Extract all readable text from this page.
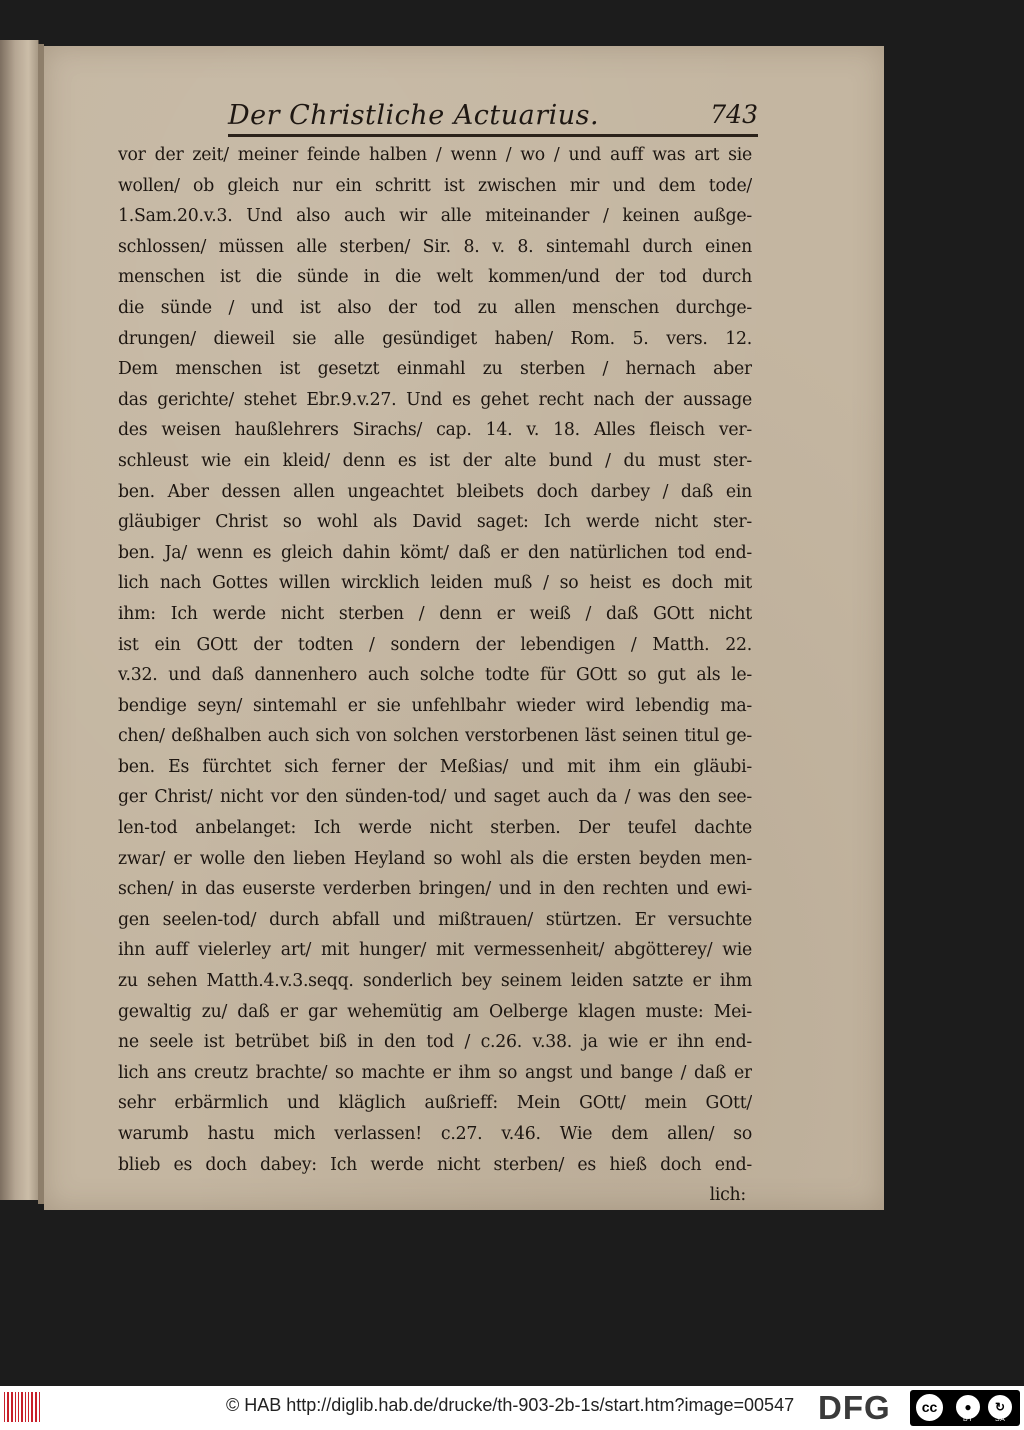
Der Christliche Actuarius.	743
vor der zeit/ meiner feinde halben / wenn / wo / und auff was art sie
wollen/ ob gleich nur ein schritt ist zwischen mir und dem tode/
1.Sam.20.v.3. Und also auch wir alle miteinander / keinen außge-
schlossen/ müssen alle sterben/ Sir. 8. v. 8. sintemahl durch einen
menschen ist die sünde in die welt kommen/und der tod durch
die sünde / und ist also der tod zu allen menschen durchge-
drungen/ dieweil sie alle gesündiget haben/ Rom. 5. vers. 12.
Dem menschen ist gesetzt einmahl zu sterben / hernach aber
das gerichte/ stehet Ebr.9.v.27. Und es gehet recht nach der aussage
des weisen haußlehrers Sirachs/ cap. 14. v. 18. Alles fleisch ver-
schleust wie ein kleid/ denn es ist der alte bund / du must ster-
ben. Aber dessen allen ungeachtet bleibets doch darbey / daß ein
gläubiger Christ so wohl als David saget: Ich werde nicht ster-
ben. Ja/ wenn es gleich dahin kömt/ daß er den natürlichen tod end-
lich nach Gottes willen wircklich leiden muß / so heist es doch mit
ihm: Ich werde nicht sterben / denn er weiß / daß GOtt nicht
ist ein GOtt der todten / sondern der lebendigen / Matth. 22.
v.32. und daß dannenhero auch solche todte für GOtt so gut als le-
bendige seyn/ sintemahl er sie unfehlbahr wieder wird lebendig ma-
chen/ deßhalben auch sich von solchen verstorbenen läst seinen titul ge-
ben. Es fürchtet sich ferner der Meßias/ und mit ihm ein gläubi-
ger Christ/ nicht vor den sünden-tod/ und saget auch da / was den see-
len-tod anbelanget: Ich werde nicht sterben. Der teufel dachte
zwar/ er wolle den lieben Heyland so wohl als die ersten beyden men-
schen/ in das euserste verderben bringen/ und in den rechten und ewi-
gen seelen-tod/ durch abfall und mißtrauen/ stürtzen. Er versuchte
ihn auff vielerley art/ mit hunger/ mit vermessenheit/ abgötterey/ wie
zu sehen Matth.4.v.3.seqq. sonderlich bey seinem leiden satzte er ihm
gewaltig zu/ daß er gar wehemütig am Oelberge klagen muste: Mei-
ne seele ist betrübet biß in den tod / c.26. v.38. ja wie er ihn end-
lich ans creutz brachte/ so machte er ihm so angst und bange / daß er
sehr erbärmlich und kläglich außrieff: Mein GOtt/ mein GOtt/
warumb hastu mich verlassen! c.27. v.46. Wie dem allen/ so
blieb es doch dabey: Ich werde nicht sterben/ es hieß doch end-
lich:
© HAB http://diglib.hab.de/drucke/th-903-2b-1s/start.htm?image=00547 DFG	cc	●	↻
BY	SA
